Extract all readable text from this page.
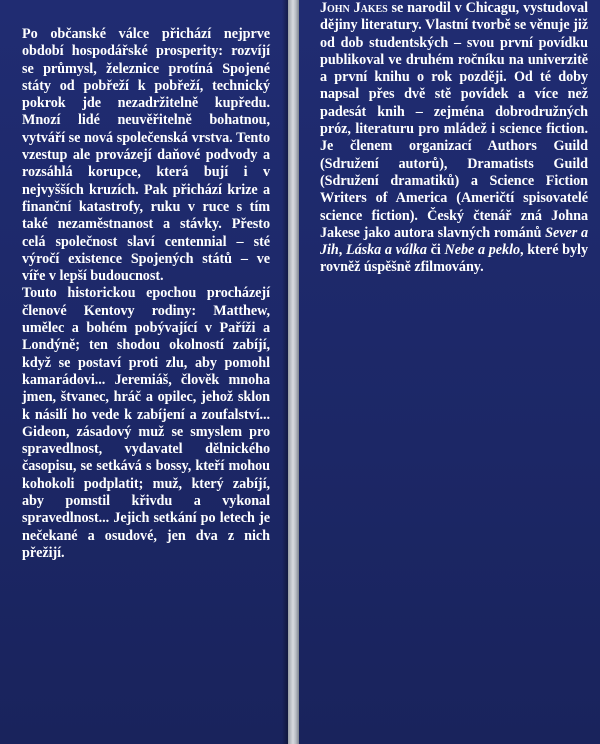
Po občanské válce přichází nejprve období hospodářské prosperity: rozvíjí se průmysl, železnice protíná Spojené státy od pobřeží k pobřeží, technický pokrok jde nezadržitelně kupředu. Mnozí lidé neuvěřitelně bohatnou, vytváří se nová společenská vrstva. Tento vzestup ale provázejí daňové podvody a rozsáhlá korupce, která bují i v nejvyšších kruzích. Pak přichází krize a finanční katastrofy, ruku v ruce s tím také nezaměstnanost a stávky. Přesto celá společnost slaví centennial – sté výročí existence Spojených států – ve víře v lepší budoucnost.

Touto historickou epochou procházejí členové Kentovy rodiny: Matthew, umělec a bohém pobývající v Paříži a Londýně; ten shodou okolností zabíjí, když se postaví proti zlu, aby pomohl kamarádovi... Jeremiáš, člověk mnoha jmen, štvanec, hráč a opilec, jehož sklon k násilí ho vede k zabíjení a zoufalství... Gideon, zásadový muž se smyslem pro spravedlnost, vydavatel dělnického časopisu, se setkává s bossy, kteří mohou kohokoli podplatit; muž, který zabíjí, aby pomstil křivdu a vykonal spravedlnost... Jejich setkání po letech je nečekané a osudové, jen dva z nich přežijí.

John Jakes se narodil v Chicagu, vystudoval dějiny literatury. Vlastní tvorbě se věnuje již od dob studentských – svou první povídku publikoval ve druhém ročníku na univerzitě a první knihu o rok později. Od té doby napsal přes dvě stě povídek a více než padesát knih – zejména dobrodružných próz, literaturu pro mládež i science fiction. Je členem organizací Authors Guild (Sdružení autorů), Dramatists Guild (Sdružení dramatiků) a Science Fiction Writers of America (Američtí spisovatelé science fiction). Český čtenář zná Johna Jakese jako autora slavných románů Sever a Jih, Láska a válka či Nebe a peklo, které byly rovněž úspěšně zfilmovány.
